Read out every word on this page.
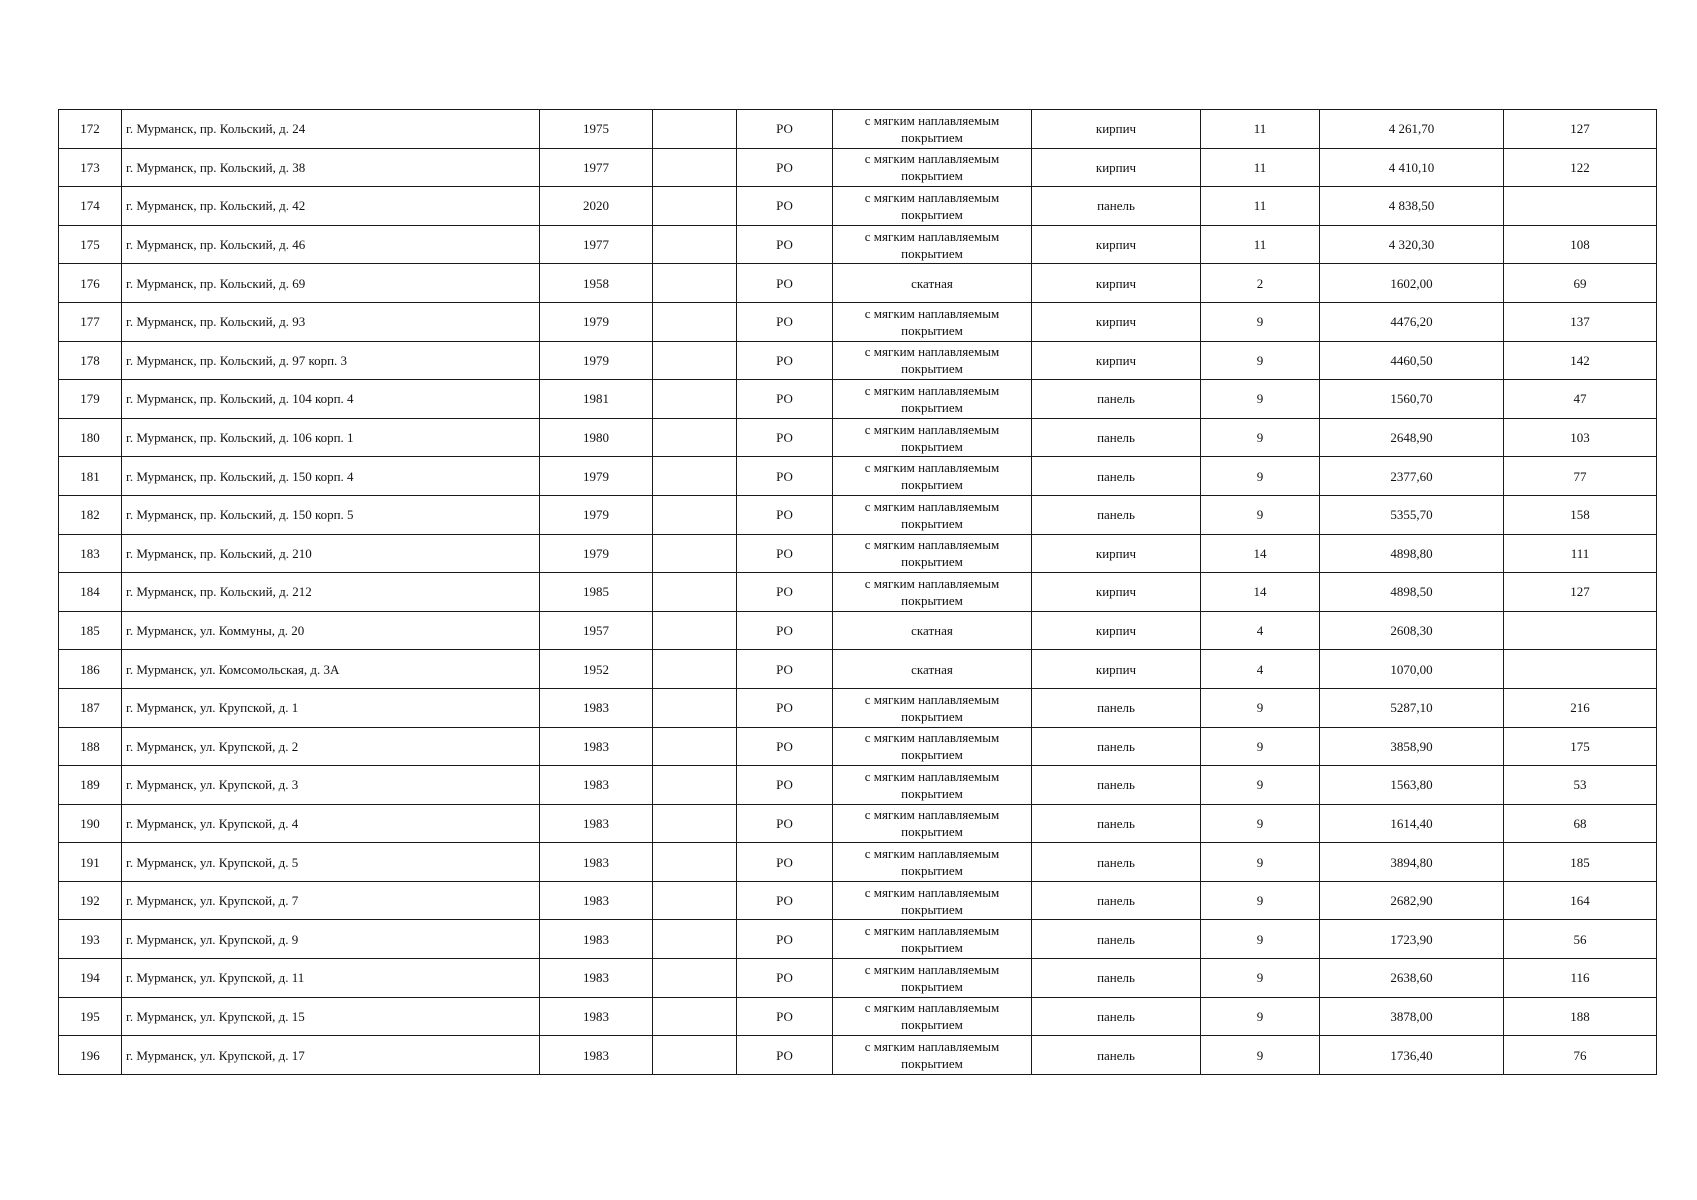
172	г. Мурманск, пр. Кольский, д. 24	1975		РО	с мягким наплавляемым покрытием	кирпич	11	4 261,70	127
173	г. Мурманск, пр. Кольский, д. 38	1977		РО	с мягким наплавляемым покрытием	кирпич	11	4 410,10	122
174	г. Мурманск, пр. Кольский, д. 42	2020		РО	с мягким наплавляемым покрытием	панель	11	4 838,50	
175	г. Мурманск, пр. Кольский, д. 46	1977		РО	с мягким наплавляемым покрытием	кирпич	11	4 320,30	108
176	г. Мурманск, пр. Кольский, д. 69	1958		РО	скатная	кирпич	2	1602,00	69
177	г. Мурманск, пр. Кольский, д. 93	1979		РО	с мягким наплавляемым покрытием	кирпич	9	4476,20	137
178	г. Мурманск, пр. Кольский, д. 97 корп. 3	1979		РО	с мягким наплавляемым покрытием	кирпич	9	4460,50	142
179	г. Мурманск, пр. Кольский, д. 104 корп. 4	1981		РО	с мягким наплавляемым покрытием	панель	9	1560,70	47
180	г. Мурманск, пр. Кольский, д. 106 корп. 1	1980		РО	с мягким наплавляемым покрытием	панель	9	2648,90	103
181	г. Мурманск, пр. Кольский, д. 150 корп. 4	1979		РО	с мягким наплавляемым покрытием	панель	9	2377,60	77
182	г. Мурманск, пр. Кольский, д. 150 корп. 5	1979		РО	с мягким наплавляемым покрытием	панель	9	5355,70	158
183	г. Мурманск, пр. Кольский, д. 210	1979		РО	с мягким наплавляемым покрытием	кирпич	14	4898,80	111
184	г. Мурманск, пр. Кольский, д. 212	1985		РО	с мягким наплавляемым покрытием	кирпич	14	4898,50	127
185	г. Мурманск, ул. Коммуны, д. 20	1957		РО	скатная	кирпич	4	2608,30	
186	г. Мурманск, ул. Комсомольская, д. 3А	1952		РО	скатная	кирпич	4	1070,00	
187	г. Мурманск, ул. Крупской, д. 1	1983		РО	с мягким наплавляемым покрытием	панель	9	5287,10	216
188	г. Мурманск, ул. Крупской, д. 2	1983		РО	с мягким наплавляемым покрытием	панель	9	3858,90	175
189	г. Мурманск, ул. Крупской, д. 3	1983		РО	с мягким наплавляемым покрытием	панель	9	1563,80	53
190	г. Мурманск, ул. Крупской, д. 4	1983		РО	с мягким наплавляемым покрытием	панель	9	1614,40	68
191	г. Мурманск, ул. Крупской, д. 5	1983		РО	с мягким наплавляемым покрытием	панель	9	3894,80	185
192	г. Мурманск, ул. Крупской, д. 7	1983		РО	с мягким наплавляемым покрытием	панель	9	2682,90	164
193	г. Мурманск, ул. Крупской, д. 9	1983		РО	с мягким наплавляемым покрытием	панель	9	1723,90	56
194	г. Мурманск, ул. Крупской, д. 11	1983		РО	с мягким наплавляемым покрытием	панель	9	2638,60	116
195	г. Мурманск, ул. Крупской, д. 15	1983		РО	с мягким наплавляемым покрытием	панель	9	3878,00	188
196	г. Мурманск, ул. Крупской, д. 17	1983		РО	с мягким наплавляемым покрытием	панель	9	1736,40	76
